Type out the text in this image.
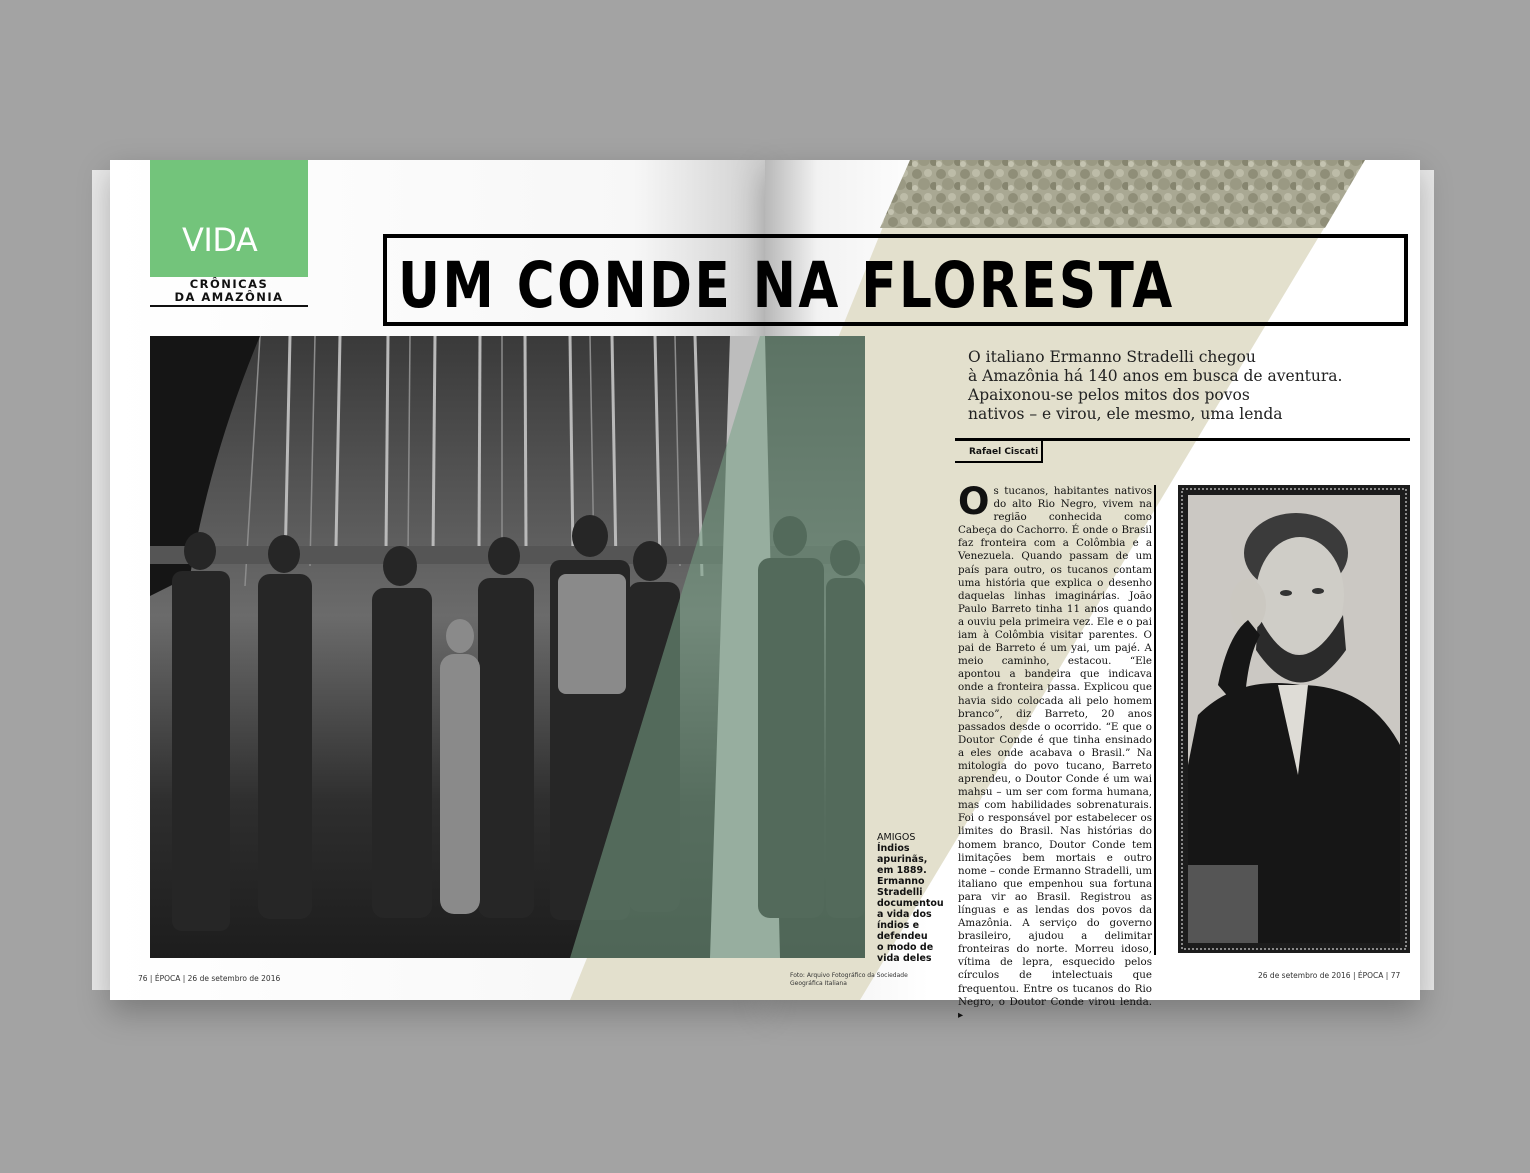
VIDA
CRÔNICAS
DA AMAZÔNIA	UM CONDE NA FLORESTA
AMIGOS
Índios apurinãs, em 1889. Ermanno Stradelli documentou a vida dos índios e defendeu o modo de vida deles
Foto: Arquivo Fotográfico da Sociedade Geográfica Italiana
O italiano Ermanno Stradelli chegou
à Amazônia há 140 anos em busca de aventura.
Apaixonou-se pelos mitos dos povos
nativos – e virou, ele mesmo, uma lenda
Rafael Ciscati
Os tucanos, habitantes nativos do alto Rio Negro, vivem na região conhecida como Cabeça do Cachorro. É onde o Brasil faz fronteira com a Colômbia e a Venezuela. Quando passam de um país para outro, os tucanos contam uma história que explica o desenho daquelas linhas imaginárias. João Paulo Barreto tinha 11 anos quando a ouviu pela primeira vez. Ele e o pai iam à Colômbia visitar parentes. O pai de Barreto é um yai, um pajé. A meio caminho, estacou. “Ele apontou a bandeira que indicava onde a fronteira passa. Explicou que havia sido colocada ali pelo homem branco”, diz Barreto, 20 anos passados desde o ocorrido. “E que o Doutor Conde é que tinha ensinado a eles onde acabava o Brasil.” Na mitologia do povo tucano, Barreto aprendeu, o Doutor Conde é um wai mahsu – um ser com forma humana, mas com habilidades sobrenaturais. Foi o responsável por estabelecer os limites do Brasil. Nas histórias do homem branco, Doutor Conde tem limitações bem mortais e outro nome – conde Ermanno Stradelli, um italiano que empenhou sua fortuna para vir ao Brasil. Registrou as línguas e as lendas dos povos da Amazônia. A serviço do governo brasileiro, ajudou a delimitar fronteiras do norte. Morreu idoso, vítima de lepra, esquecido pelos círculos de intelectuais que frequentou. Entre os tucanos do Rio Negro, o Doutor Conde virou lenda. ▸
76 | ÉPOCA | 26 de setembro de 2016	26 de setembro de 2016 | ÉPOCA | 77
